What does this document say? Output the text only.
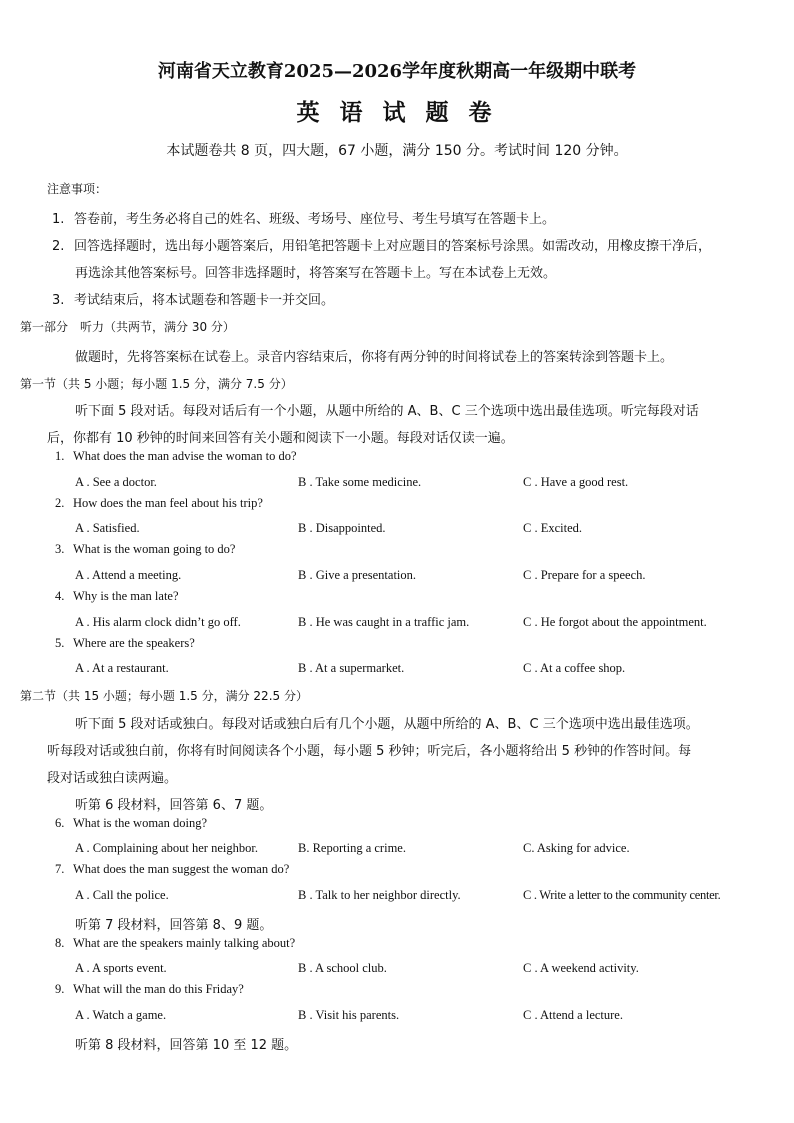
河南省天立教育2025—2026学年度秋期高一年级期中联考
英 语 试 题 卷
本试题卷共 8 页，四大题，67 小题，满分 150 分。考试时间 120 分钟。
注意事项：
1. 答卷前，考生务必将自己的姓名、班级、考场号、座位号、考生号填写在答题卡上。
2. 回答选择题时，选出每小题答案后，用铅笔把答题卡上对应题目的答案标号涂黑。如需改动，用橡皮擦干净后，
再选涂其他答案标号。回答非选择题时，将答案写在答题卡上。写在本试卷上无效。
3. 考试结束后，将本试题卷和答题卡一并交回。
第一部分　听力（共两节，满分 30 分）
做题时，先将答案标在试卷上。录音内容结束后，你将有两分钟的时间将试卷上的答案转涂到答题卡上。
第一节（共 5 小题；每小题 1.5 分，满分 7.5 分）
听下面 5 段对话。每段对话后有一个小题，从题中所给的 A、B、C 三个选项中选出最佳选项。听完每段对话
后，你都有 10 秒钟的时间来回答有关小题和阅读下一小题。每段对话仅读一遍。
1. What does the man advise the woman to do?
A . See a doctor.	B . Take some medicine.	C . Have a good rest.
2. How does the man feel about his trip?
A . Satisfied.	B . Disappointed.	C . Excited.
3. What is the woman going to do?
A . Attend a meeting.	B . Give a presentation.	C . Prepare for a speech.
4. Why is the man late?
A . His alarm clock didn’t go off.	B . He was caught in a traffic jam.	C . He forgot about the appointment.
5. Where are the speakers?
A . At a restaurant.	B . At a supermarket.	C . At a coffee shop.
第二节（共 15 小题；每小题 1.5 分，满分 22.5 分）
听下面 5 段对话或独白。每段对话或独白后有几个小题，从题中所给的 A、B、C 三个选项中选出最佳选项。
听每段对话或独白前，你将有时间阅读各个小题，每小题 5 秒钟；听完后，各小题将给出 5 秒钟的作答时间。每
段对话或独白读两遍。
听第 6 段材料，回答第 6、7 题。
6. What is the woman doing?
A . Complaining about her neighbor.	B. Reporting a crime.	C. Asking for advice.
7. What does the man suggest the woman do?
A . Call the police.	B . Talk to her neighbor directly.	C . Write a letter to the community center.
听第 7 段材料，回答第 8、9 题。
8. What are the speakers mainly talking about?
A . A sports event.	B . A school club.	C . A weekend activity.
9. What will the man do this Friday?
A . Watch a game.	B . Visit his parents.	C . Attend a lecture.
听第 8 段材料，回答第 10 至 12 题。
